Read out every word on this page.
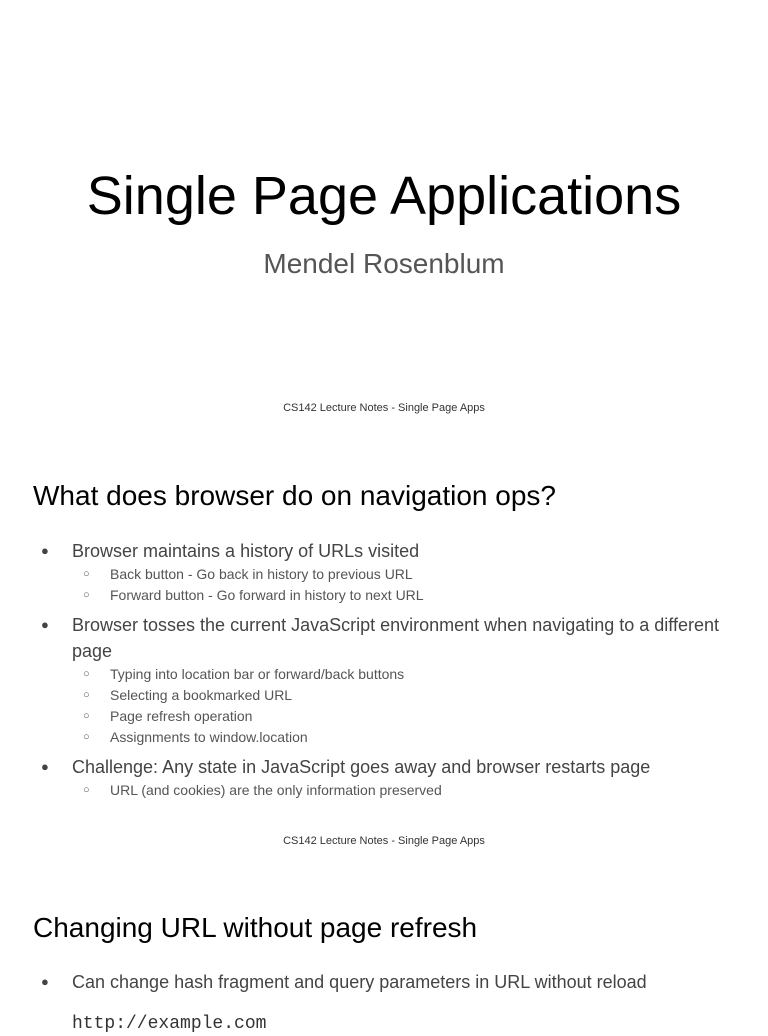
Single Page Applications
Mendel Rosenblum
CS142 Lecture Notes - Single Page Apps
What does browser do on navigation ops?
● Browser maintains a history of URLs visited
○ Back button - Go back in history to previous URL
○ Forward button - Go forward in history to next URL
● Browser tosses the current JavaScript environment when navigating to a different page
○ Typing into location bar or forward/back buttons
○ Selecting a bookmarked URL
○ Page refresh operation
○ Assignments to window.location
● Challenge: Any state in JavaScript goes away and browser restarts page
○ URL (and cookies) are the only information preserved
CS142 Lecture Notes - Single Page Apps
Changing URL without page refresh
● Can change hash fragment and query parameters in URL without reload
http://example.com
